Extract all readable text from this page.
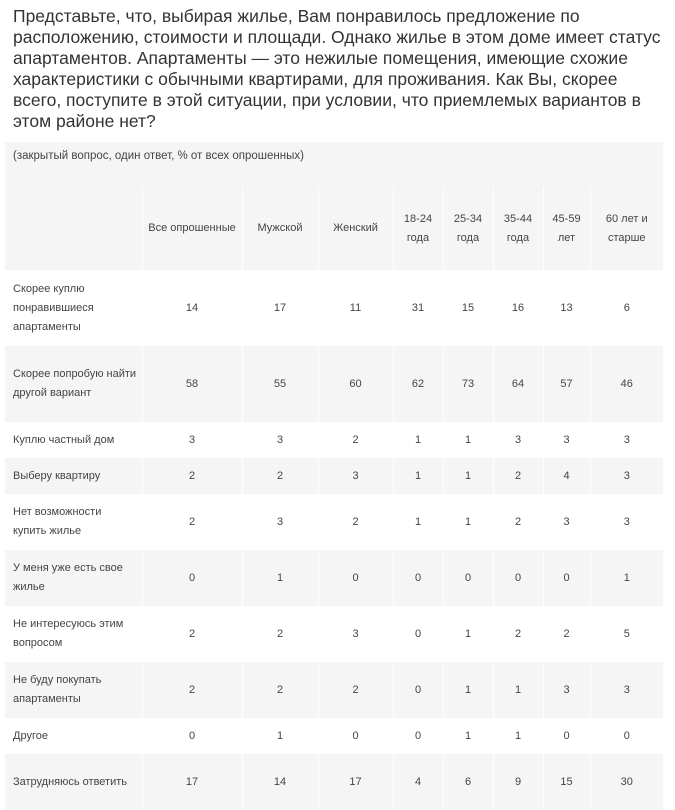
Представьте, что, выбирая жилье, Вам понравилось предложение по расположению, стоимости и площади. Однако жилье в этом доме имеет статус апартаментов. Апартаменты — это нежилые помещения, имеющие схожие характеристики с обычными квартирами, для проживания. Как Вы, скорее всего, поступите в этой ситуации, при условии, что приемлемых вариантов в этом районе нет?

(закрытый вопрос, один ответ, % от всех опрошенных)
	Все опрошенные	Мужской	Женский	18-24 года	25-34 года	35-44 года	45-59 лет	60 лет и старше
Скорее куплю понравившиеся апартаменты	14	17	11	31	15	16	13	6
Скорее попробую найти другой вариант	58	55	60	62	73	64	57	46
Куплю частный дом	3	3	2	1	1	3	3	3
Выберу квартиру	2	2	3	1	1	2	4	3
Нет возможности купить жилье	2	3	2	1	1	2	3	3
У меня уже есть свое жилье	0	1	0	0	0	0	0	1
Не интересуюсь этим вопросом	2	2	3	0	1	2	2	5
Не буду покупать апартаменты	2	2	2	0	1	1	3	3
Другое	0	1	0	0	1	1	0	0
Затрудняюсь ответить	17	14	17	4	6	9	15	30
